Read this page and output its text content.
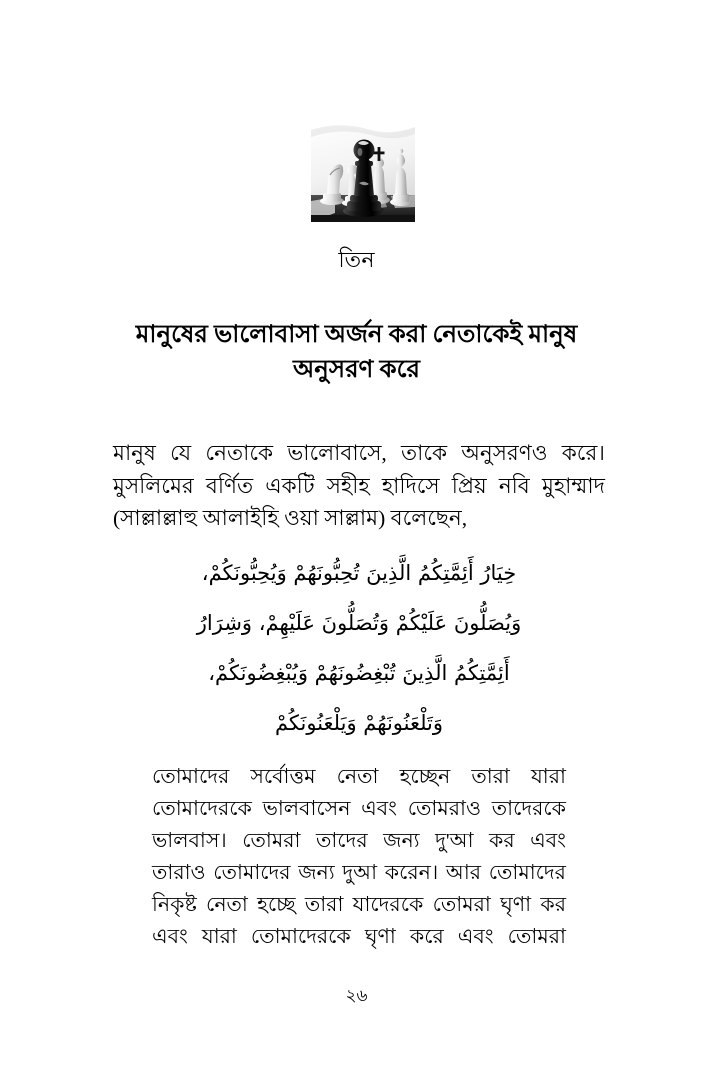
তিন
মানুষের ভালোবাসা অর্জন করা নেতাকেই মানুষ অনুসরণ করে
মানুষ যে নেতাকে ভালোবাসে, তাকে অনুসরণও করে।
মুসলিমের বর্ণিত একটি সহীহ হাদিসে প্রিয় নবি মুহাম্মাদ
(সাল্লাল্লাহু আলাইহি ওয়া সাল্লাম) বলেছেন,
خِيَارُ أَئِمَّتِكُمُ الَّذِينَ تُحِبُّونَهُمْ وَيُحِبُّونَكُمْ،
وَيُصَلُّونَ عَلَيْكُمْ وَتُصَلُّونَ عَلَيْهِمْ، وَشِرَارُ
أَئِمَّتِكُمُ الَّذِينَ تُبْغِضُونَهُمْ وَيُبْغِضُونَكُمْ،
وَتَلْعَنُونَهُمْ وَيَلْعَنُونَكُمْ
তোমাদের সর্বোত্তম নেতা হচ্ছেন তারা যারা
তোমাদেরকে ভালবাসেন এবং তোমরাও তাদেরকে
ভালবাস। তোমরা তাদের জন্য দু'আ কর এবং
তারাও তোমাদের জন্য দুআ করেন। আর তোমাদের
নিকৃষ্ট নেতা হচ্ছে তারা যাদেরকে তোমরা ঘৃণা কর
এবং যারা তোমাদেরকে ঘৃণা করে এবং তোমরা
২৬
